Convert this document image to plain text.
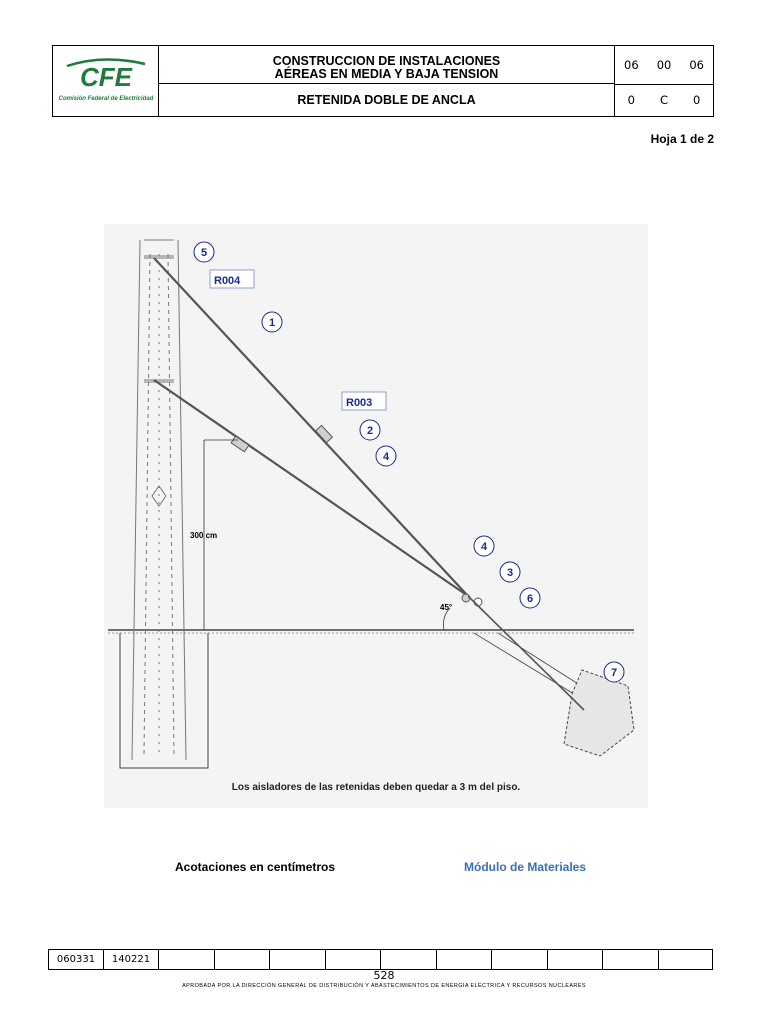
CFE
Comisión Federal de Electricidad
CONSTRUCCION DE INSTALACIONES
AÉREAS EN MEDIA Y BAJA TENSION
RETENIDA DOBLE DE ANCLA
06	00	06
0	C	0
Hoja 1 de 2
300 cm
45°
5
1
2
4
4
3
6
7
R004
R003
Los aisladores de las retenidas deben quedar a 3 m del piso.
Acotaciones en centímetros	Módulo de Materiales
060331	140221
528
APROBADA POR LA DIRECCIÓN GENERAL DE DISTRIBUCIÓN Y ABASTECIMIENTOS DE ENERGÍA ELÉCTRICA Y RECURSOS NUCLEARES
